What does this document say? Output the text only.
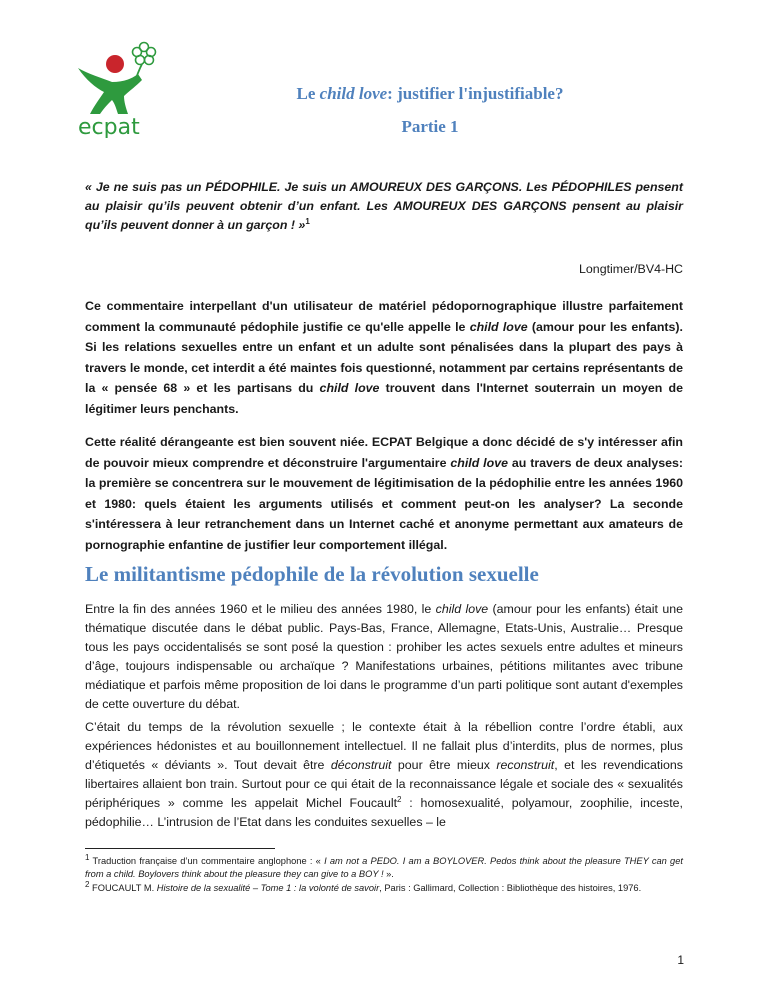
ecpat
Le child love: justifier l'injustifiable?
Partie 1
« Je ne suis pas un PÉDOPHILE. Je suis un AMOUREUX DES GARÇONS. Les PÉDOPHILES pensent au plaisir qu’ils peuvent obtenir d’un enfant. Les AMOUREUX DES GARÇONS pensent au plaisir qu’ils peuvent donner à un garçon ! »$^1$
Longtimer/BV4-HC
Ce commentaire interpellant d'un utilisateur de matériel pédopornographique illustre parfaitement comment la communauté pédophile justifie ce qu'elle appelle le child love (amour pour les enfants). Si les relations sexuelles entre un enfant et un adulte sont pénalisées dans la plupart des pays à travers le monde, cet interdit a été maintes fois questionné, notamment par certains représentants de la « pensée 68 » et les partisans du child love trouvent dans l'Internet souterrain un moyen de légitimer leurs penchants.
Cette réalité dérangeante est bien souvent niée. ECPAT Belgique a donc décidé de s'y intéresser afin de pouvoir mieux comprendre et déconstruire l'argumentaire child love au travers de deux analyses: la première se concentrera sur le mouvement de légitimisation de la pédophilie entre les années 1960 et 1980: quels étaient les arguments utilisés et comment peut-on les analyser? La seconde s'intéressera à leur retranchement dans un Internet caché et anonyme permettant aux amateurs de pornographie enfantine de justifier leur comportement illégal.
Le militantisme pédophile de la révolution sexuelle
Entre la fin des années 1960 et le milieu des années 1980, le child love (amour pour les enfants) était une thématique discutée dans le débat public. Pays-Bas, France, Allemagne, Etats-Unis, Australie… Presque tous les pays occidentalisés se sont posé la question : prohiber les actes sexuels entre adultes et mineurs d’âge, toujours indispensable ou archaïque ? Manifestations urbaines, pétitions militantes avec tribune médiatique et parfois même proposition de loi dans le programme d’un parti politique sont autant d'exemples de cette ouverture du débat.
C’était du temps de la révolution sexuelle ; le contexte était à la rébellion contre l’ordre établi, aux expériences hédonistes et au bouillonnement intellectuel. Il ne fallait plus d’interdits, plus de normes, plus d’étiquetés « déviants ». Tout devait être déconstruit pour être mieux reconstruit, et les revendications libertaires allaient bon train. Surtout pour ce qui était de la reconnaissance légale et sociale des « sexualités périphériques » comme les appelait Michel Foucault$^2$ : homosexualité, polyamour, zoophilie, inceste, pédophilie… L’intrusion de l’Etat dans les conduites sexuelles – le

$^1$ Traduction française d’un commentaire anglophone : « I am not a PEDO. I am a BOYLOVER. Pedos think about the pleasure THEY can get from a child. Boylovers think about the pleasure they can give to a BOY ! ».

$^2$ FOUCAULT M. Histoire de la sexualité – Tome 1 : la volonté de savoir, Paris : Gallimard, Collection : Bibliothèque des histoires, 1976.

1
